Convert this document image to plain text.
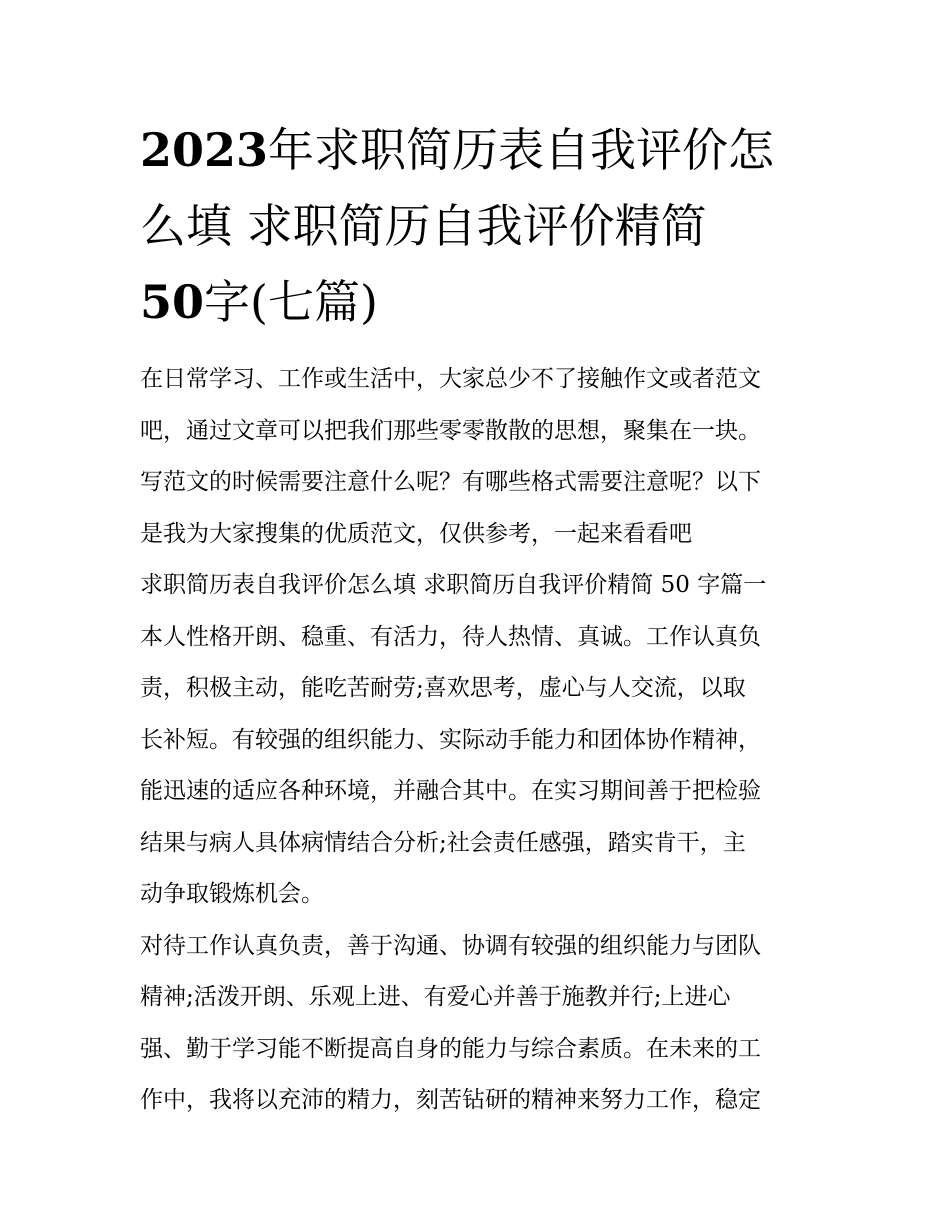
2023年求职简历表自我评价怎
么填 求职简历自我评价精简
50字(七篇)
在日常学习、工作或生活中，大家总少不了接触作文或者范文
吧，通过文章可以把我们那些零零散散的思想，聚集在一块。
写范文的时候需要注意什么呢？有哪些格式需要注意呢？以下
是我为大家搜集的优质范文，仅供参考，一起来看看吧
求职简历表自我评价怎么填 求职简历自我评价精简 50 字篇一
本人性格开朗、稳重、有活力，待人热情、真诚。工作认真负
责，积极主动，能吃苦耐劳;喜欢思考，虚心与人交流，以取
长补短。有较强的组织能力、实际动手能力和团体协作精神，
能迅速的适应各种环境，并融合其中。在实习期间善于把检验
结果与病人具体病情结合分析;社会责任感强，踏实肯干，主
动争取锻炼机会。
对待工作认真负责，善于沟通、协调有较强的组织能力与团队
精神;活泼开朗、乐观上进、有爱心并善于施教并行;上进心
强、勤于学习能不断提高自身的能力与综合素质。在未来的工
作中，我将以充沛的精力，刻苦钻研的精神来努力工作，稳定
